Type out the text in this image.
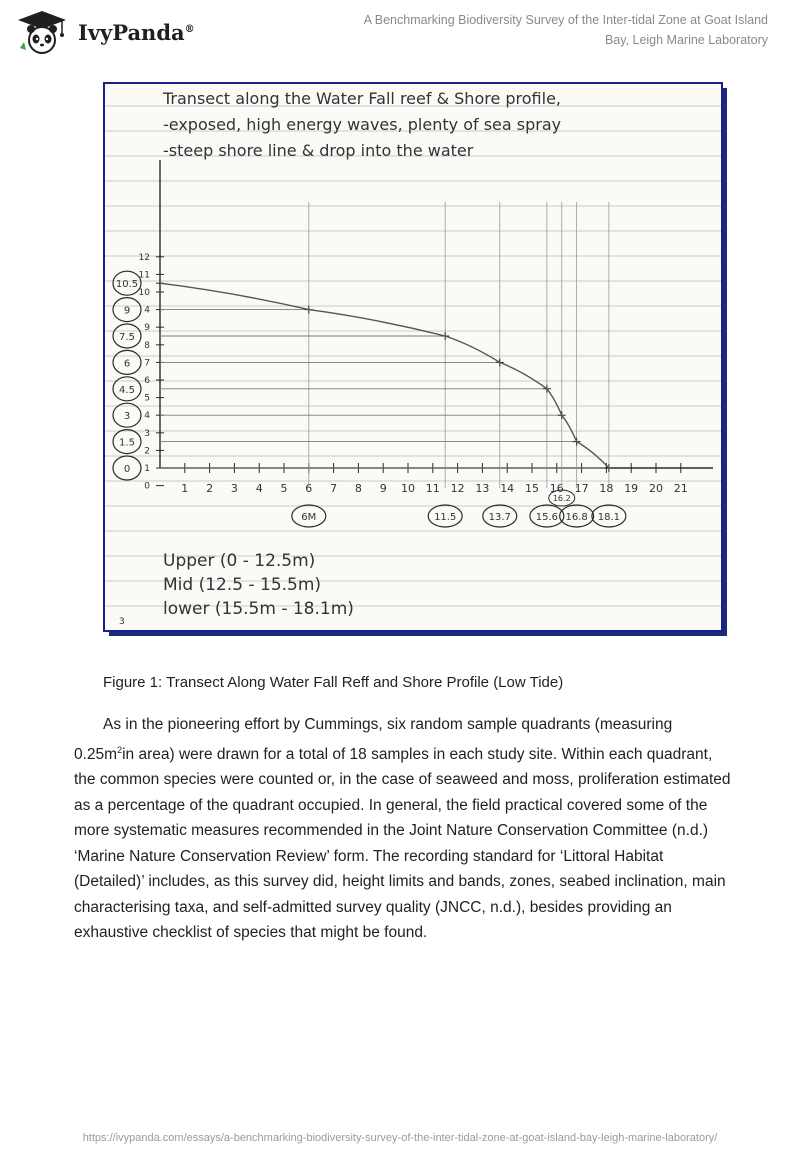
IvyPanda®
A Benchmarking Biodiversity Survey of the Inter-tidal Zone at Goat Island Bay, Leigh Marine Laboratory
Transect along the Water Fall reef & Shore profile,
-exposed, high energy waves, plenty of sea spray
-steep shore line & drop into the water
1 2 3 4 5 6 7 8 9 10 11 12 13 14 15 16 17 18 19 20 21
12
11
10
4
9
8
7
6
5
4
3
2
1
0
10.5
9
7.5
6
4.5
3
1.5
0
6M	11.5	13.7 15.6 16.8 18.1
16.2
Upper (0 - 12.5m)
Mid (12.5 - 15.5m)
lower (15.5m - 18.1m)
3
Figure 1: Transect Along Water Fall Reff and Shore Profile (Low Tide)

As in the pioneering effort by Cummings, six random sample quadrants (measuring $0.25m^2in$ area) were drawn for a total of 18 samples in each study site. Within each quadrant, the common species were counted or, in the case of seaweed and moss, proliferation estimated as a percentage of the quadrant occupied. In general, the field practical covered some of the more systematic measures recommended in the Joint Nature Conservation Committee (n.d.) ‘Marine Nature Conservation Review’ form. The recording standard for ‘Littoral Habitat (Detailed)’ includes, as this survey did, height limits and bands, zones, seabed inclination, main characterising taxa, and self-admitted survey quality (JNCC, n.d.), besides providing an exhaustive checklist of species that might be found.

https://ivypanda.com/essays/a-benchmarking-biodiversity-survey-of-the-inter-tidal-zone-at-goat-island-bay-leigh-marine-laboratory/
